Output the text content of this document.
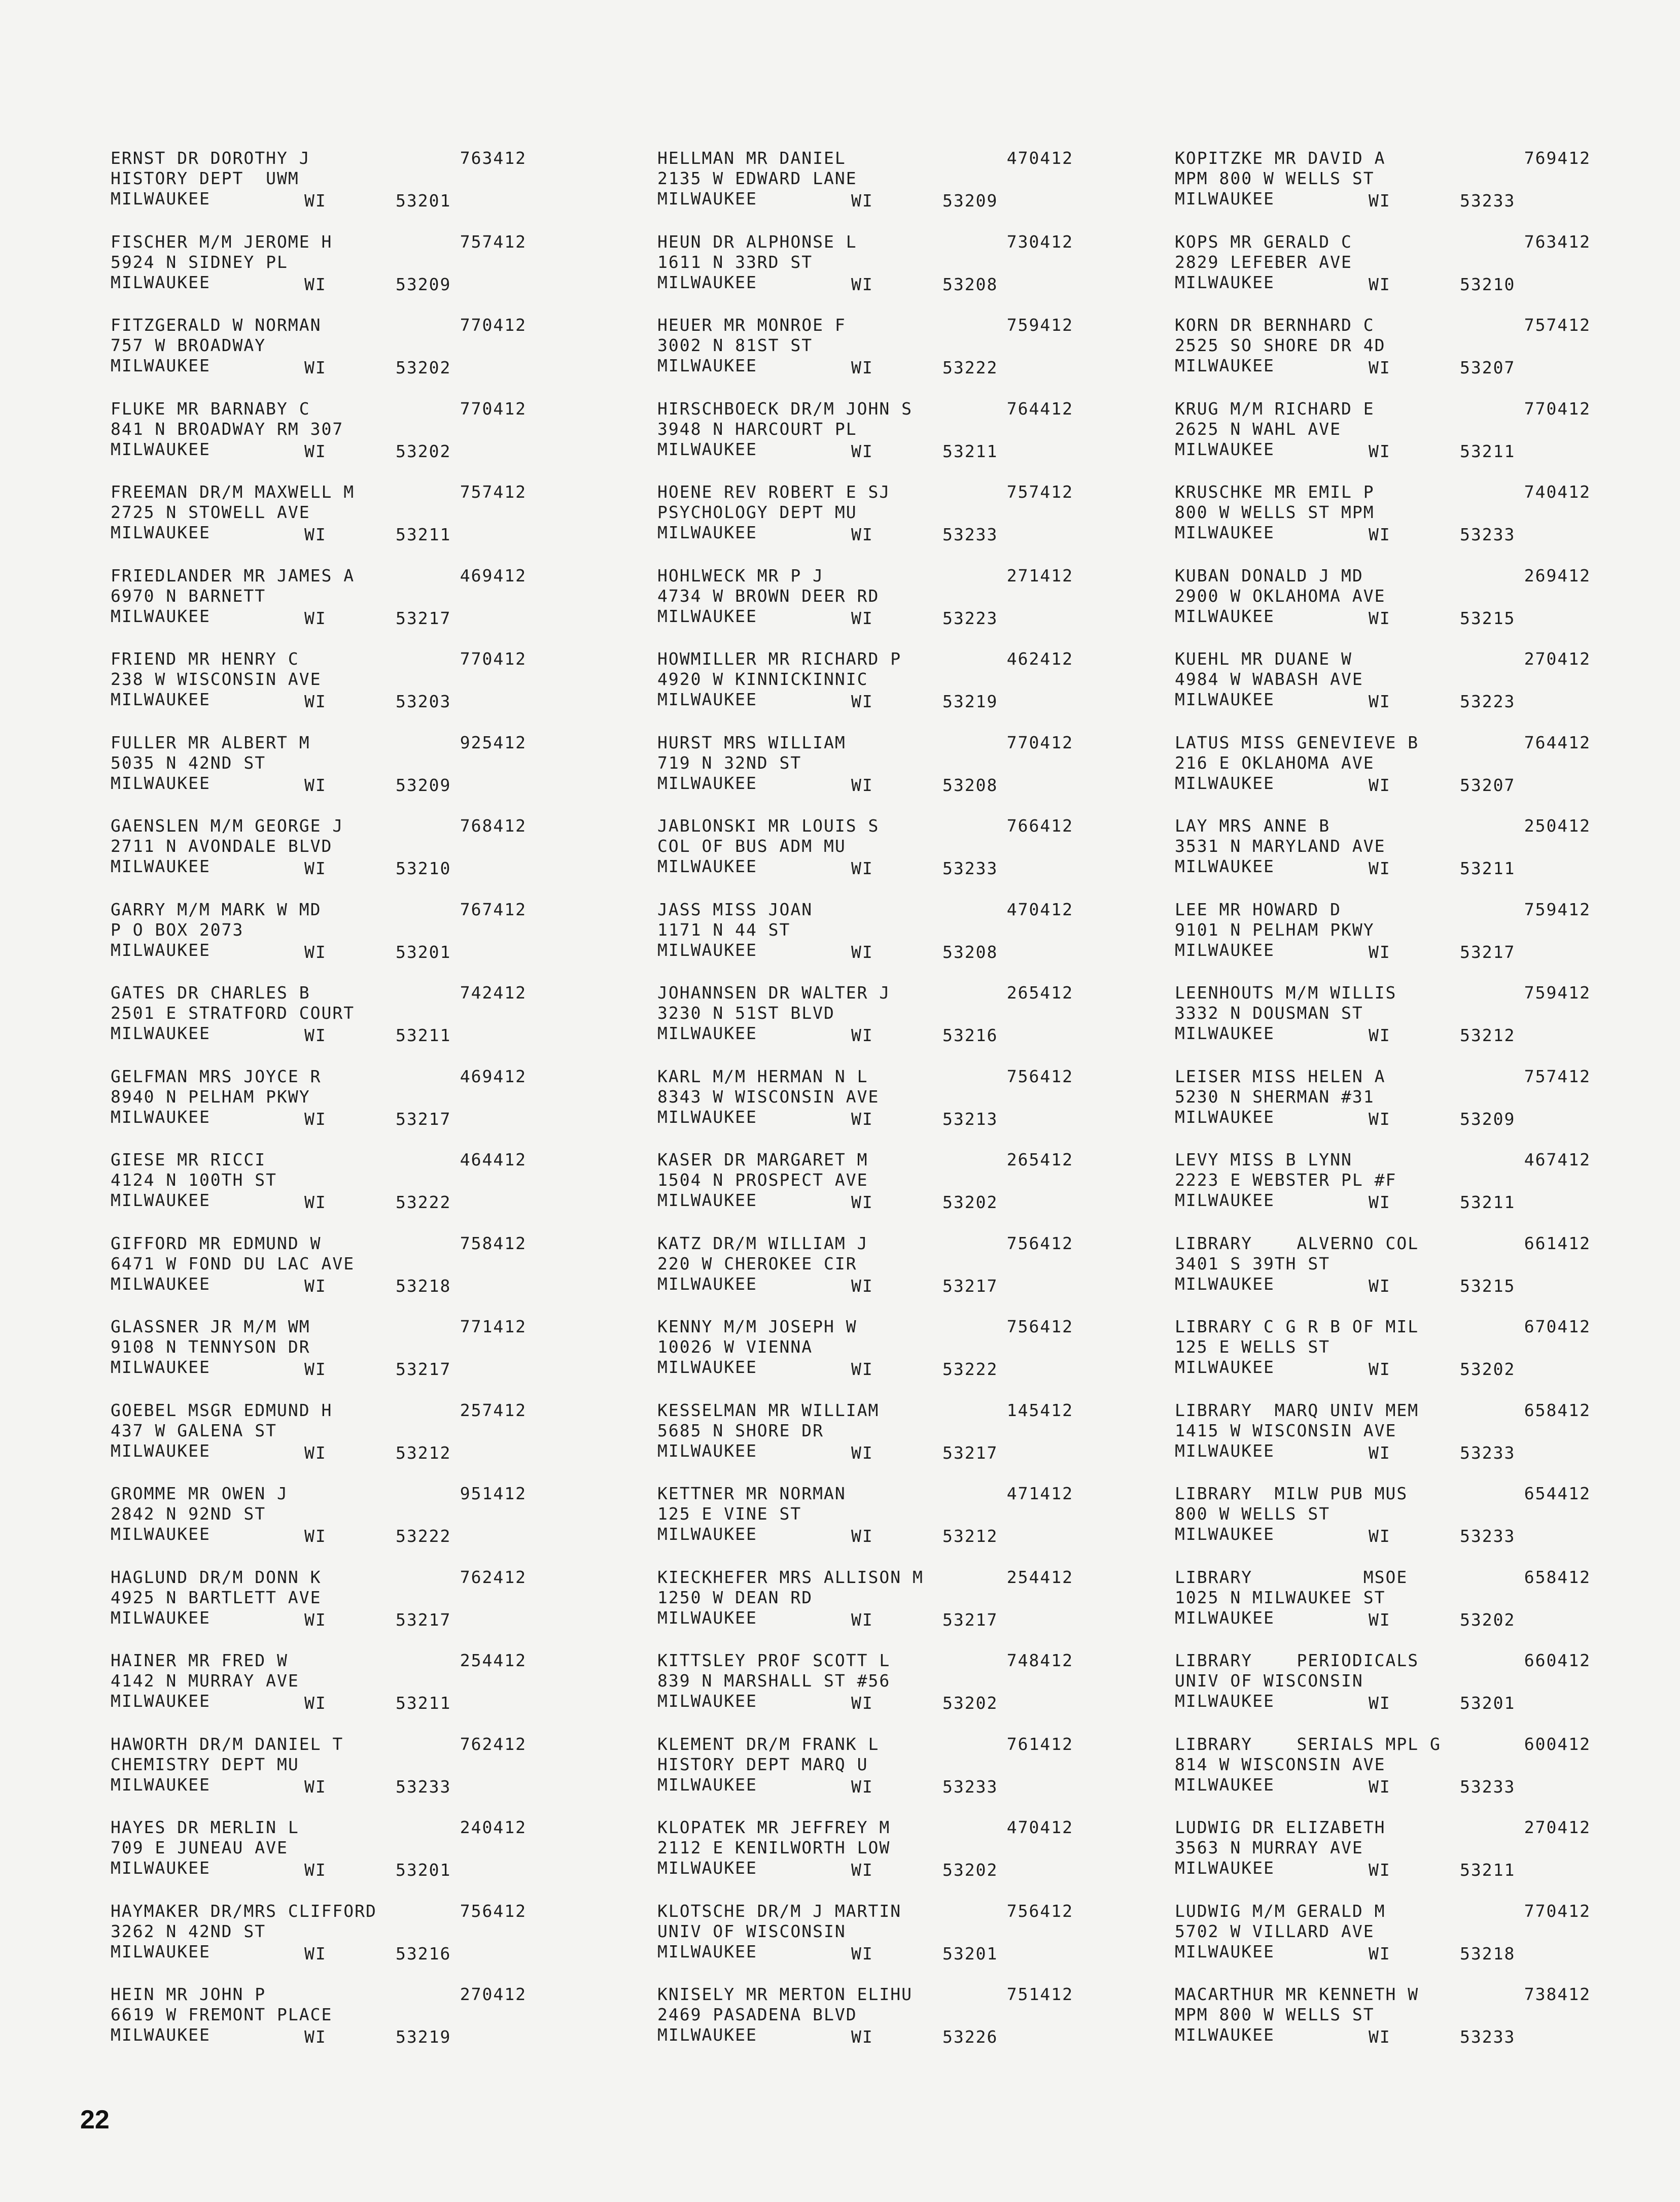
ERNST DR DOROTHY J	763412
HISTORY DEPT  UWM
MILWAUKEE	WI	53201
FISCHER M/M JEROME H	757412
5924 N SIDNEY PL
MILWAUKEE	WI	53209
FITZGERALD W NORMAN	770412
757 W BROADWAY
MILWAUKEE	WI	53202
FLUKE MR BARNABY C	770412
841 N BROADWAY RM 307
MILWAUKEE	WI	53202
FREEMAN DR/M MAXWELL M	757412
2725 N STOWELL AVE
MILWAUKEE	WI	53211
FRIEDLANDER MR JAMES A	469412
6970 N BARNETT
MILWAUKEE	WI	53217
FRIEND MR HENRY C	770412
238 W WISCONSIN AVE
MILWAUKEE	WI	53203
FULLER MR ALBERT M	925412
5035 N 42ND ST
MILWAUKEE	WI	53209
GAENSLEN M/M GEORGE J	768412
2711 N AVONDALE BLVD
MILWAUKEE	WI	53210
GARRY M/M MARK W MD	767412
P O BOX 2073
MILWAUKEE	WI	53201
GATES DR CHARLES B	742412
2501 E STRATFORD COURT
MILWAUKEE	WI	53211
GELFMAN MRS JOYCE R	469412
8940 N PELHAM PKWY
MILWAUKEE	WI	53217
GIESE MR RICCI	464412
4124 N 100TH ST
MILWAUKEE	WI	53222
GIFFORD MR EDMUND W	758412
6471 W FOND DU LAC AVE
MILWAUKEE	WI	53218
GLASSNER JR M/M WM	771412
9108 N TENNYSON DR
MILWAUKEE	WI	53217
GOEBEL MSGR EDMUND H	257412
437 W GALENA ST
MILWAUKEE	WI	53212
GROMME MR OWEN J	951412
2842 N 92ND ST
MILWAUKEE	WI	53222
HAGLUND DR/M DONN K	762412
4925 N BARTLETT AVE
MILWAUKEE	WI	53217
HAINER MR FRED W	254412
4142 N MURRAY AVE
MILWAUKEE	WI	53211
HAWORTH DR/M DANIEL T	762412
CHEMISTRY DEPT MU
MILWAUKEE	WI	53233
HAYES DR MERLIN L	240412
709 E JUNEAU AVE
MILWAUKEE	WI	53201
HAYMAKER DR/MRS CLIFFORD	756412
3262 N 42ND ST
MILWAUKEE	WI	53216
HEIN MR JOHN P	270412
6619 W FREMONT PLACE
MILWAUKEE	WI	53219
HELLMAN MR DANIEL	470412
2135 W EDWARD LANE
MILWAUKEE	WI	53209
HEUN DR ALPHONSE L	730412
1611 N 33RD ST
MILWAUKEE	WI	53208
HEUER MR MONROE F	759412
3002 N 81ST ST
MILWAUKEE	WI	53222
HIRSCHBOECK DR/M JOHN S	764412
3948 N HARCOURT PL
MILWAUKEE	WI	53211
HOENE REV ROBERT E SJ	757412
PSYCHOLOGY DEPT MU
MILWAUKEE	WI	53233
HOHLWECK MR P J	271412
4734 W BROWN DEER RD
MILWAUKEE	WI	53223
HOWMILLER MR RICHARD P	462412
4920 W KINNICKINNIC
MILWAUKEE	WI	53219
HURST MRS WILLIAM	770412
719 N 32ND ST
MILWAUKEE	WI	53208
JABLONSKI MR LOUIS S	766412
COL OF BUS ADM MU
MILWAUKEE	WI	53233
JASS MISS JOAN	470412
1171 N 44 ST
MILWAUKEE	WI	53208
JOHANNSEN DR WALTER J	265412
3230 N 51ST BLVD
MILWAUKEE	WI	53216
KARL M/M HERMAN N L	756412
8343 W WISCONSIN AVE
MILWAUKEE	WI	53213
KASER DR MARGARET M	265412
1504 N PROSPECT AVE
MILWAUKEE	WI	53202
KATZ DR/M WILLIAM J	756412
220 W CHEROKEE CIR
MILWAUKEE	WI	53217
KENNY M/M JOSEPH W	756412
10026 W VIENNA
MILWAUKEE	WI	53222
KESSELMAN MR WILLIAM	145412
5685 N SHORE DR
MILWAUKEE	WI	53217
KETTNER MR NORMAN	471412
125 E VINE ST
MILWAUKEE	WI	53212
KIECKHEFER MRS ALLISON M	254412
1250 W DEAN RD
MILWAUKEE	WI	53217
KITTSLEY PROF SCOTT L	748412
839 N MARSHALL ST #56
MILWAUKEE	WI	53202
KLEMENT DR/M FRANK L	761412
HISTORY DEPT MARQ U
MILWAUKEE	WI	53233
KLOPATEK MR JEFFREY M	470412
2112 E KENILWORTH LOW
MILWAUKEE	WI	53202
KLOTSCHE DR/M J MARTIN	756412
UNIV OF WISCONSIN
MILWAUKEE	WI	53201
KNISELY MR MERTON ELIHU	751412
2469 PASADENA BLVD
MILWAUKEE	WI	53226
KOPITZKE MR DAVID A	769412
MPM 800 W WELLS ST
MILWAUKEE	WI	53233
KOPS MR GERALD C	763412
2829 LEFEBER AVE
MILWAUKEE	WI	53210
KORN DR BERNHARD C	757412
2525 SO SHORE DR 4D
MILWAUKEE	WI	53207
KRUG M/M RICHARD E	770412
2625 N WAHL AVE
MILWAUKEE	WI	53211
KRUSCHKE MR EMIL P	740412
800 W WELLS ST MPM
MILWAUKEE	WI	53233
KUBAN DONALD J MD	269412
2900 W OKLAHOMA AVE
MILWAUKEE	WI	53215
KUEHL MR DUANE W	270412
4984 W WABASH AVE
MILWAUKEE	WI	53223
LATUS MISS GENEVIEVE B	764412
216 E OKLAHOMA AVE
MILWAUKEE	WI	53207
LAY MRS ANNE B	250412
3531 N MARYLAND AVE
MILWAUKEE	WI	53211
LEE MR HOWARD D	759412
9101 N PELHAM PKWY
MILWAUKEE	WI	53217
LEENHOUTS M/M WILLIS	759412
3332 N DOUSMAN ST
MILWAUKEE	WI	53212
LEISER MISS HELEN A	757412
5230 N SHERMAN #31
MILWAUKEE	WI	53209
LEVY MISS B LYNN	467412
2223 E WEBSTER PL #F
MILWAUKEE	WI	53211
LIBRARY    ALVERNO COL	661412
3401 S 39TH ST
MILWAUKEE	WI	53215
LIBRARY C G R B OF MIL	670412
125 E WELLS ST
MILWAUKEE	WI	53202
LIBRARY  MARQ UNIV MEM	658412
1415 W WISCONSIN AVE
MILWAUKEE	WI	53233
LIBRARY  MILW PUB MUS	654412
800 W WELLS ST
MILWAUKEE	WI	53233
LIBRARY          MSOE	658412
1025 N MILWAUKEE ST
MILWAUKEE	WI	53202
LIBRARY    PERIODICALS	660412
UNIV OF WISCONSIN
MILWAUKEE	WI	53201
LIBRARY    SERIALS MPL G	600412
814 W WISCONSIN AVE
MILWAUKEE	WI	53233
LUDWIG DR ELIZABETH	270412
3563 N MURRAY AVE
MILWAUKEE	WI	53211
LUDWIG M/M GERALD M	770412
5702 W VILLARD AVE
MILWAUKEE	WI	53218
MACARTHUR MR KENNETH W	738412
MPM 800 W WELLS ST
MILWAUKEE	WI	53233
22
